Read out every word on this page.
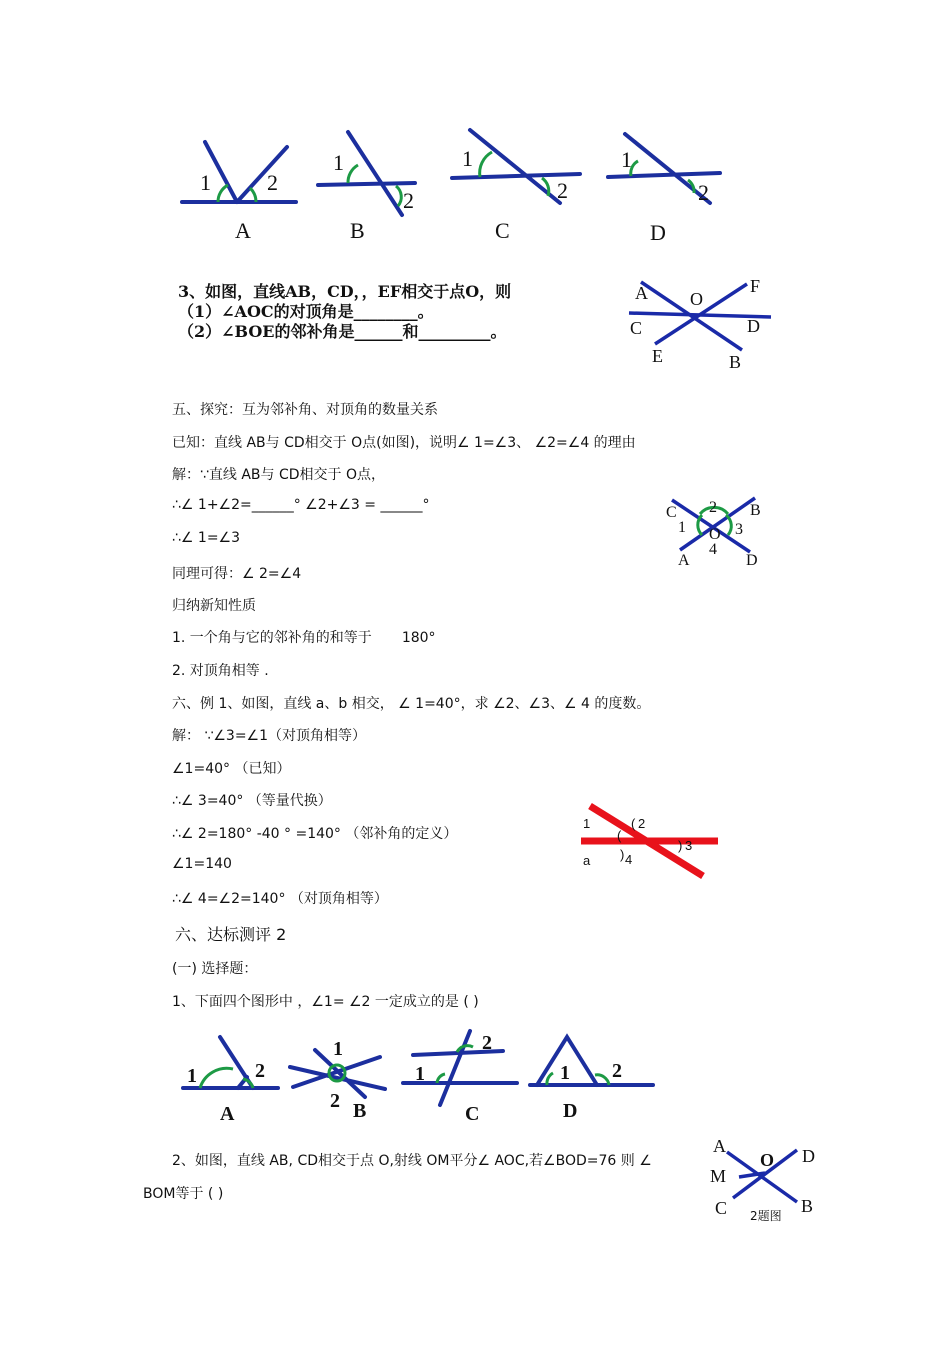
1	2
A
1
2
B
1
2
C
1
2
D
3、如图，直线AB，CD，，EF相交于点O，则
（1）∠AOC的对顶角是________。
（2）∠BOE的邻补角是______和_________。
A O
F
C	D
E	B
五、探究：互为邻补角、对顶角的数量关系
已知：直线 AB与 CD相交于 O点(如图)，说明∠ 1=∠3、 ∠2=∠4 的理由
解：∵直线 AB与 CD相交于 O点，
∴∠ 1+∠2=______° ∠2+∠3 = ______°
∴∠ 1=∠3
同理可得：∠ 2=∠4
归纳新知性质
1. 一个角与它的邻补角的和等于 180°
2. 对顶角相等 .
C	B
A	D
1
2
3
4
O
六、例 1、如图，直线 a、b 相交， ∠ 1=40°，求 ∠2、∠3、∠ 4 的度数。
解： ∵∠3=∠1（对顶角相等）
∠1=40° （已知）
∴∠ 3=40° （等量代换）
∴∠ 2=180° -40 ° =140° （邻补角的定义）
∠1=140
∴∠ 4=∠2=140° （对顶角相等）
1	2
(
3
)
4
)
a
(
六、达标测评 2
(一) 选择题：
1、下面四个图形中 ，∠1= ∠2 一定成立的是 ( )
1	2
A
1
2 B
2
1
C
1 2
D
2、如图，直线 AB, CD相交于点 O,射线 OM平分∠ AOC,若∠BOD=76 则 ∠
BOM等于 ( )
A
O D
M
C	B
2题图
